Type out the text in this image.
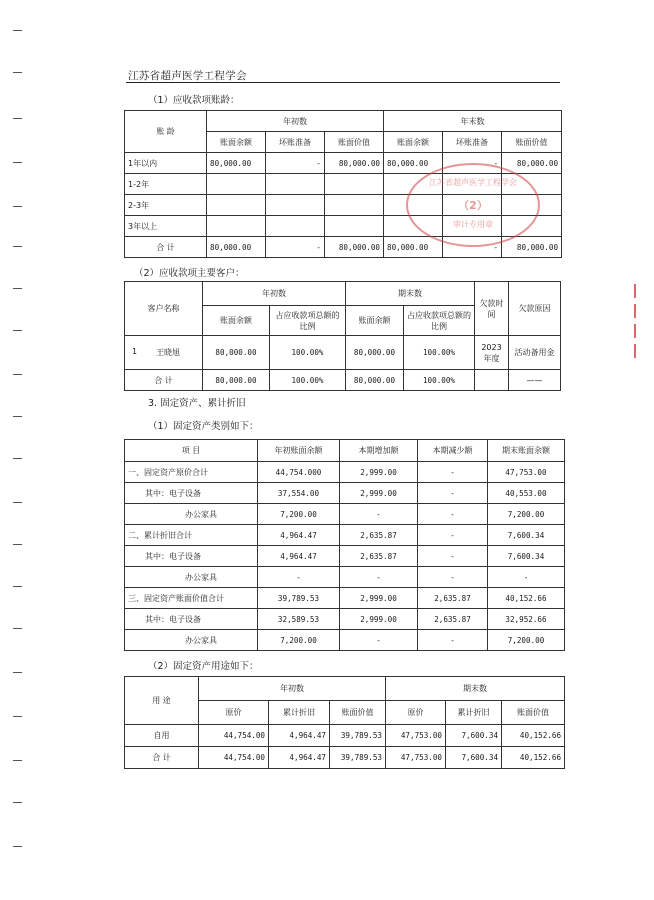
江苏省超声医学工程学会
（1）应收款项账龄：
账 龄	年初数			年末数		
	账面余额	坏账准备	账面价值	账面余额	坏账准备	账面价值
1年以内	80,000.00	-	80,000.00	80,000.00	-	80,000.00
1-2年						
2-3年						
3年以上						
合 计	80,000.00	-	80,000.00	80,000.00	-	80,000.00
江苏省超声医学工程学会
（2）
审计专用章
（2）应收款项主要客户：
客户名称	年初数		期末数		欠款时间	欠款原因
	账面余额	占应收款项总额的比例	账面余额	占应收款项总额的比例		

1 王晓旭	80,000.00	100.00%	80,000.00	100.00%	2023年度	活动备用金
合 计	80,000.00	100.00%	80,000.00	100.00%		——
3. 固定资产、累计折旧
（1）固定资产类别如下：
项 目	年初账面余额	本期增加额	本期减少额	期末账面余额
一、固定资产原价合计	44,754.000	2,999.00	-	47,753.00
其中：电子设备	37,554.00	2,999.00	-	40,553.00
办公家具	7,200.00	-	-	7,200.00
二、累计折旧合计	4,964.47	2,635.87	-	7,600.34
其中：电子设备	4,964.47	2,635.87	-	7,600.34
办公家具	-	-	-	-
三、固定资产账面价值合计	39,789.53	2,999.00	2,635.87	40,152.66
其中：电子设备	32,589.53	2,999.00	2,635.87	32,952.66
办公家具	7,200.00	-	-	7,200.00
（2）固定资产用途如下：
用 途	年初数			期末数		
	原价	累计折旧	账面价值	原价	累计折旧	账面价值
自用	44,754.00	4,964.47	39,789.53	47,753.00	7,600.34	40,152.66
合 计	44,754.00	4,964.47	39,789.53	47,753.00	7,600.34	40,152.66
